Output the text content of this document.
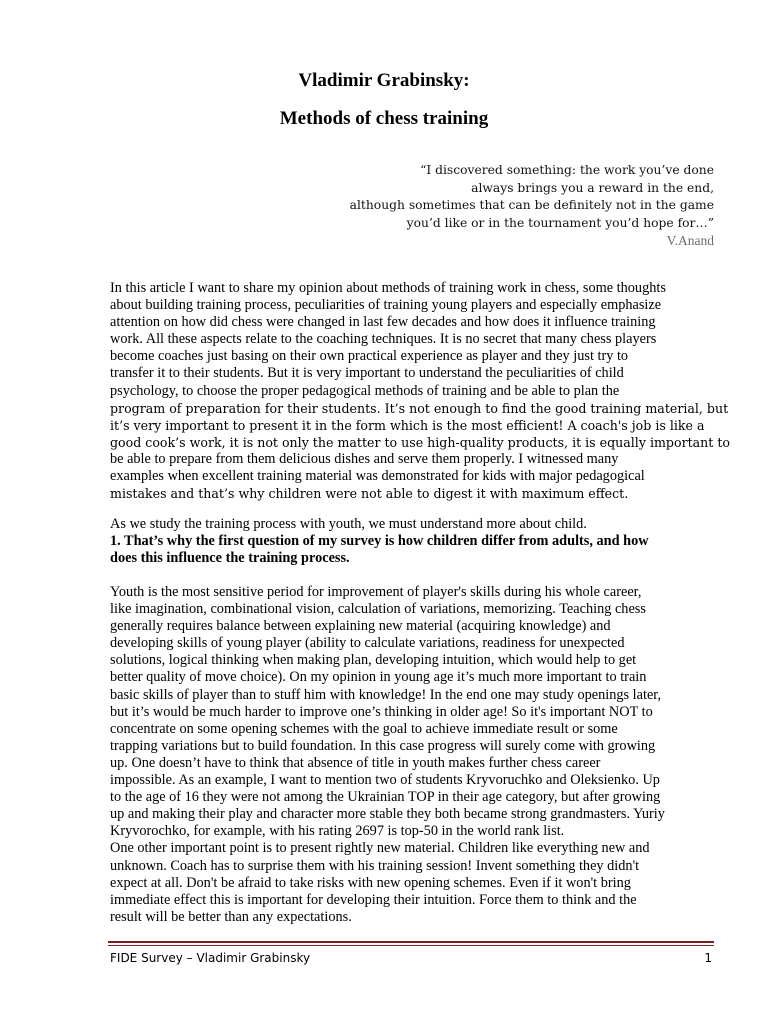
Vladimir Grabinsky:
Methods of chess training
“I discovered something: the work you’ve done
always brings you a reward in the end,
although sometimes that can be definitely not in the game
you’d like or in the tournament you’d hope for…”
V.Anand
In this article I want to share my opinion about methods of training work in chess, some thoughts
about building training process, peculiarities of training young players and especially emphasize
attention on how did chess were changed in last few decades and how does it influence training
work. All these aspects relate to the coaching techniques. It is no secret that many chess players
become coaches just basing on their own practical experience as player and they just try to
transfer it to their students. But it is very important to understand the peculiarities of child
psychology, to choose the proper pedagogical methods of training and be able to plan the
program of preparation for their students. It’s not enough to find the good training material, but
it’s very important to present it in the form which is the most efficient! A coach's job is like a
good cook’s work, it is not only the matter to use high-quality products, it is equally important to
be able to prepare from them delicious dishes and serve them properly. I witnessed many
examples when excellent training material was demonstrated for kids with major pedagogical
mistakes and that’s why children were not able to digest it with maximum effect.
As we study the training process with youth, we must understand more about child.
1. That’s why the first question of my survey is how children differ from adults, and how
does this influence the training process.
Youth is the most sensitive period for improvement of player's skills during his whole career,
like imagination, combinational vision, calculation of variations, memorizing. Teaching chess
generally requires balance between explaining new material (acquiring knowledge) and
developing skills of young player (ability to calculate variations, readiness for unexpected
solutions, logical thinking when making plan, developing intuition, which would help to get
better quality of move choice). On my opinion in young age it’s much more important to train
basic skills of player than to stuff him with knowledge! In the end one may study openings later,
but it’s would be much harder to improve one’s thinking in older age! So it's important NOT to
concentrate on some opening schemes with the goal to achieve immediate result or some
trapping variations but to build foundation. In this case progress will surely come with growing
up. One doesn’t have to think that absence of title in youth makes further chess career
impossible. As an example, I want to mention two of students Kryvoruchko and Oleksienko. Up
to the age of 16 they were not among the Ukrainian TOP in their age category, but after growing
up and making their play and character more stable they both became strong grandmasters. Yuriy
Kryvorochko, for example, with his rating 2697 is top-50 in the world rank list.
One other important point is to present rightly new material. Children like everything new and
unknown. Coach has to surprise them with his training session! Invent something they didn't
expect at all. Don't be afraid to take risks with new opening schemes. Even if it won't bring
immediate effect this is important for developing their intuition. Force them to think and the
result will be better than any expectations.
FIDE Survey – Vladimir Grabinsky	1
